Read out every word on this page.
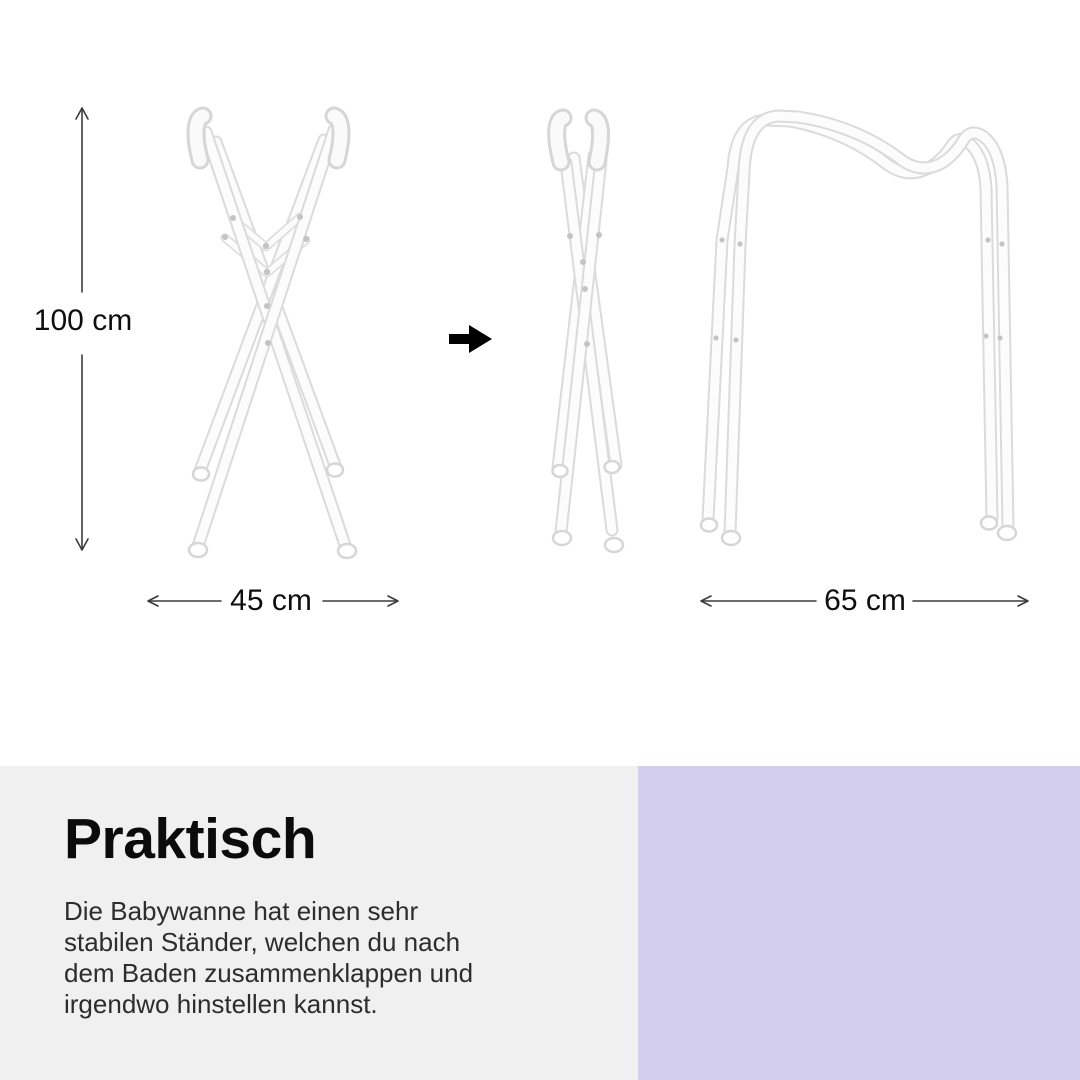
100 cm
45 cm	65 cm
Praktisch
Die Babywanne hat einen sehr
stabilen Ständer, welchen du nach
dem Baden zusammenklappen und
irgendwo hinstellen kannst.
